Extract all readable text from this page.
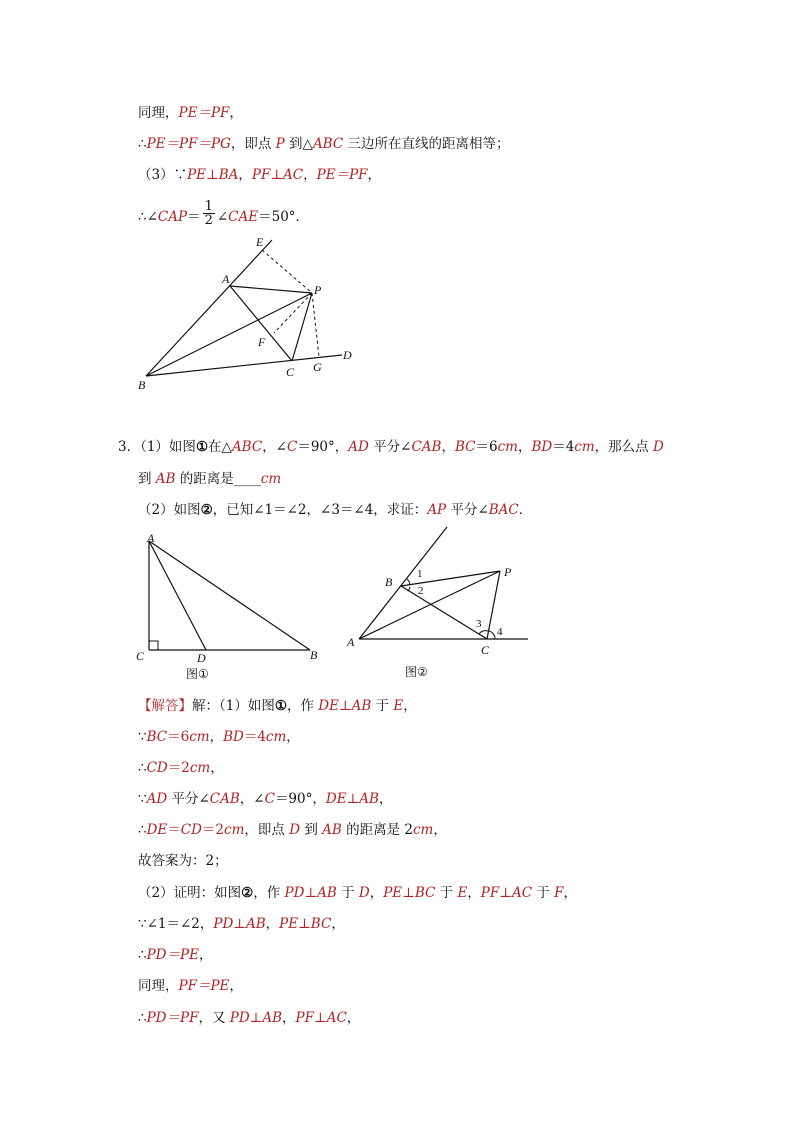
同理，PE＝PF，
∴PE＝PF＝PG，即点 P 到△ABC 三边所在直线的距离相等；
（3）∵PE⊥BA，PF⊥AC，PE＝PF，
∴∠CAP＝ $\frac{1}{2}$ ∠CAE＝50°．
E
A
P
F
B
C G
D
3．（1）如图①在△ABC，∠C＝90°，AD 平分∠CAB，BC＝6cm，BD＝4cm，那么点 D
到 AB 的距离是____cm
（2）如图②，已知∠1＝∠2，∠3＝∠4，求证：AP 平分∠BAC．
A
C	D	B
图①
B
P
A
C
1
2
3
4
图②
【解答】解：（1）如图①，作 DE⊥AB 于 E，
∵BC＝6cm，BD＝4cm，
∴CD＝2cm，
∵AD 平分∠CAB，∠C＝90°，DE⊥AB，
∴DE＝CD＝2cm，即点 D 到 AB 的距离是 2cm，
故答案为：2；
（2）证明：如图②，作 PD⊥AB 于 D，PE⊥BC 于 E，PF⊥AC 于 F，
∵∠1＝∠2，PD⊥AB，PE⊥BC，
∴PD＝PE，
同理，PF＝PE，
∴PD＝PF，又 PD⊥AB，PF⊥AC，
